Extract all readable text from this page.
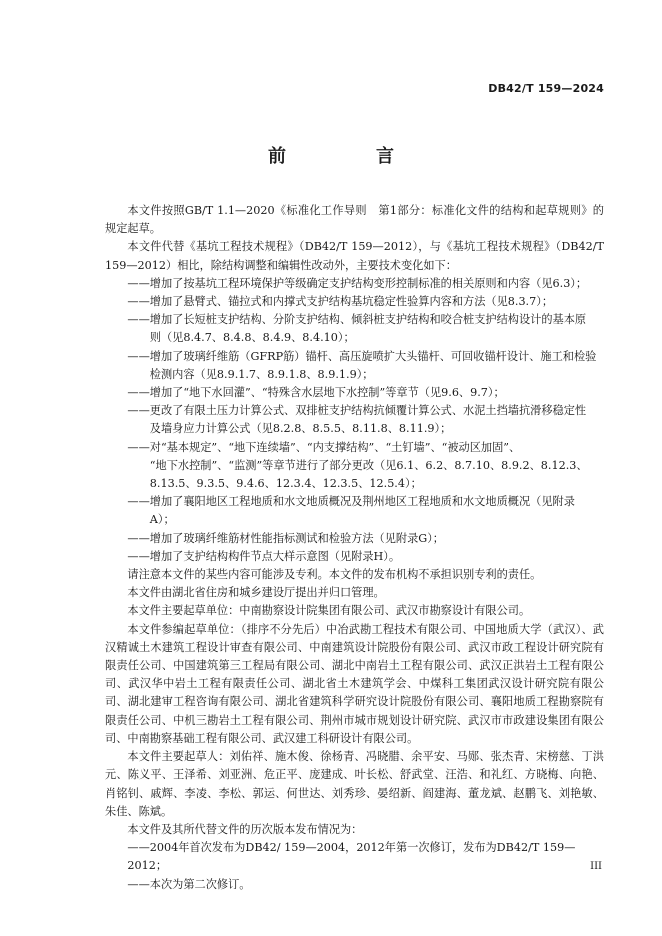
DB42/T 159—2024
前　言

本文件按照GB/T 1.1—2020《标准化工作导则　第1部分：标准化文件的结构和起草规则》的规定起草。

本文件代替《基坑工程技术规程》（DB42/T 159—2012），与《基坑工程技术规程》（DB42/T 159—2012）相比，除结构调整和编辑性改动外，主要技术变化如下：

——增加了按基坑工程环境保护等级确定支护结构变形控制标准的相关原则和内容（见6.3）；

——增加了悬臂式、锚拉式和内撑式支护结构基坑稳定性验算内容和方法（见8.3.7）；

——增加了长短桩支护结构、分阶支护结构、倾斜桩支护结构和咬合桩支护结构设计的基本原
则（见8.4.7、8.4.8、8.4.9、8.4.10）；

——增加了玻璃纤维筋（GFRP筋）锚杆、高压旋喷扩大头锚杆、可回收锚杆设计、施工和检验
检测内容（见8.9.1.7、8.9.1.8、8.9.1.9）；

——增加了“地下水回灌”、“特殊含水层地下水控制”等章节（见9.6、9.7）；

——更改了有限土压力计算公式、双排桩支护结构抗倾覆计算公式、水泥土挡墙抗滑移稳定性
及墙身应力计算公式（见8.2.8、8.5.5、8.11.8、8.11.9）；

——对“基本规定”、“地下连续墙”、“内支撑结构”、“土钉墙”、“被动区加固”、
“地下水控制”、“监测”等章节进行了部分更改（见6.1、6.2、8.7.10、8.9.2、8.12.3、8.13.5、9.3.5、9.4.6、12.3.4、12.3.5、12.5.4）；

——增加了襄阳地区工程地质和水文地质概况及荆州地区工程地质和水文地质概况（见附录
A）；

——增加了玻璃纤维筋材性能指标测试和检验方法（见附录G）；

——增加了支护结构构件节点大样示意图（见附录H）。

请注意本文件的某些内容可能涉及专利。本文件的发布机构不承担识别专利的责任。

本文件由湖北省住房和城乡建设厅提出并归口管理。

本文件主要起草单位：中南勘察设计院集团有限公司、武汉市勘察设计有限公司。

本文件参编起草单位：（排序不分先后）中冶武勘工程技术有限公司、中国地质大学（武汉）、武汉精诚土木建筑工程设计审查有限公司、中南建筑设计院股份有限公司、武汉市政工程设计研究院有限责任公司、中国建筑第三工程局有限公司、湖北中南岩土工程有限公司、武汉正洪岩土工程有限公司、武汉华中岩土工程有限责任公司、湖北省土木建筑学会、中煤科工集团武汉设计研究院有限公司、湖北建审工程咨询有限公司、湖北省建筑科学研究设计院股份有限公司、襄阳地质工程勘察院有限责任公司、中机三勘岩土工程有限公司、荆州市城市规划设计研究院、武汉市市政建设集团有限公司、中南勘察基础工程有限公司、武汉建工科研设计有限公司。

本文件主要起草人：刘佑祥、施木俊、徐杨青、冯晓腊、余平安、马郧、张杰青、宋榜慈、丁洪元、陈义平、王泽希、刘亚洲、危正平、庞建成、叶长松、舒武堂、汪浩、和礼红、方晓梅、向艳、肖铭钊、戚辉、李凌、李松、郭运、何世达、刘秀珍、晏绍新、阎建海、董龙斌、赵鹏飞、刘艳敏、朱佳、陈斌。

本文件及其所代替文件的历次版本发布情况为：

——2004年首次发布为DB42/ 159—2004，2012年第一次修订，发布为DB42/T 159—2012；

——本次为第二次修订。

III
